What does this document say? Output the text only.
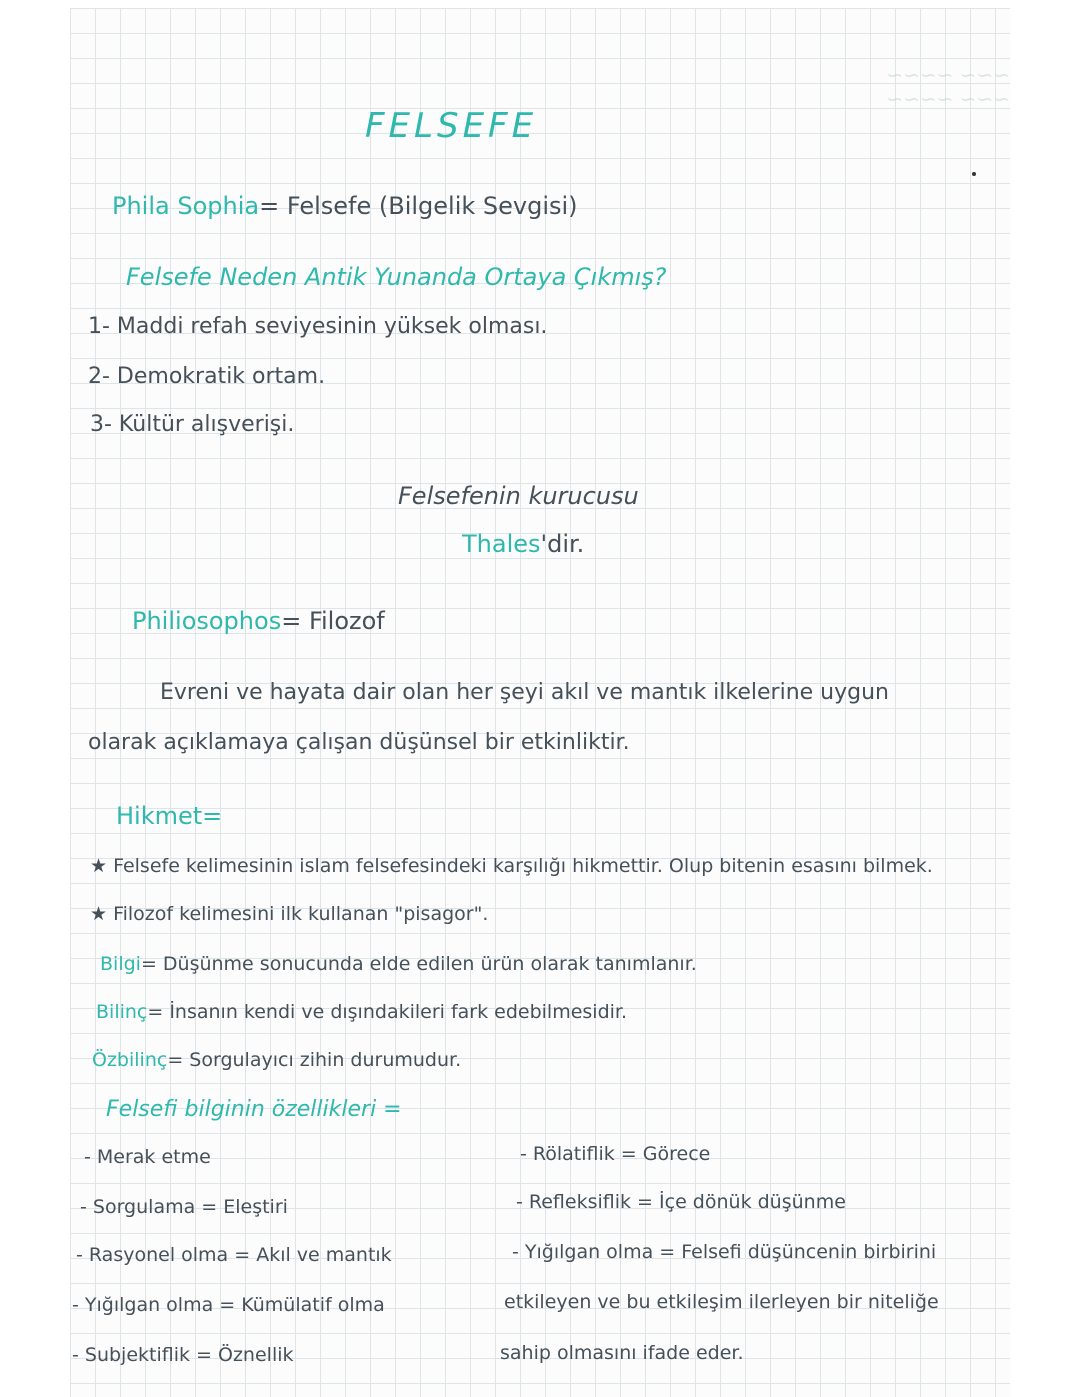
~~~ ~~~~ ~~~ ~~~~
FELSEFE
Phila Sophia= Felsefe (Bilgelik Sevgisi)
Felsefe Neden Antik Yunanda Ortaya Çıkmış?
1- Maddi refah seviyesinin yüksek olması.
2- Demokratik ortam.
3- Kültür alışverişi.
Felsefenin kurucusu
Thales'dir.
Philiosophos= Filozof
Evreni ve hayata dair olan her şeyi akıl ve mantık ilkelerine uygun
olarak açıklamaya çalışan düşünsel bir etkinliktir.
Hikmet=
★ Felsefe kelimesinin islam felsefesindeki karşılığı hikmettir. Olup bitenin esasını bilmek.
★ Filozof kelimesini ilk kullanan "pisagor".
Bilgi= Düşünme sonucunda elde edilen ürün olarak tanımlanır.
Bilinç= İnsanın kendi ve dışındakileri fark edebilmesidir.
Özbilinç= Sorgulayıcı zihin durumudur.
Felsefi bilginin özellikleri =
- Merak etme
- Sorgulama = Eleştiri
- Rasyonel olma = Akıl ve mantık
- Yığılgan olma = Kümülatif olma
- Subjektiflik = Öznellik
- Rölatiflik = Görece
- Refleksiflik = İçe dönük düşünme
- Yığılgan olma = Felsefi düşüncenin birbirini
etkileyen ve bu etkileşim ilerleyen bir niteliğe
sahip olmasını ifade eder.
